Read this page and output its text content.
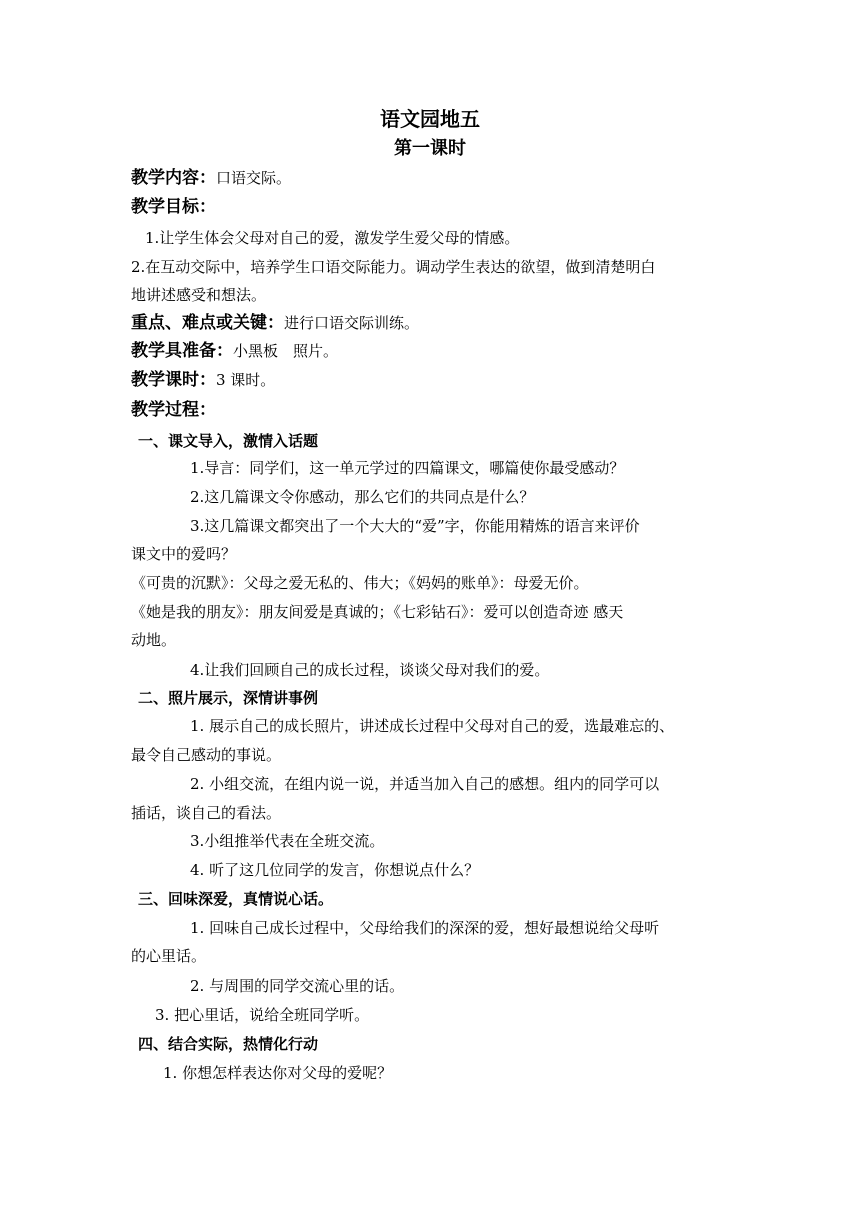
语文园地五
第一课时
教学内容：口语交际。
教学目标：
1.让学生体会父母对自己的爱，激发学生爱父母的情感。
2.在互动交际中，培养学生口语交际能力。调动学生表达的欲望，做到清楚明白
地讲述感受和想法。
重点、难点或关键：进行口语交际训练。
教学具准备：小黑板　照片。
教学课时：3 课时。
教学过程：
一、课文导入，激情入话题
1.导言：同学们，这一单元学过的四篇课文，哪篇使你最受感动？
2.这几篇课文令你感动，那么它们的共同点是什么？
3.这几篇课文都突出了一个大大的“爱”字，你能用精炼的语言来评价
课文中的爱吗？
《可贵的沉默》：父母之爱无私的、伟大；《妈妈的账单》：母爱无价。
《她是我的朋友》：朋友间爱是真诚的；《七彩钻石》：爱可以创造奇迹 感天
动地。
4.让我们回顾自己的成长过程，谈谈父母对我们的爱。
二、照片展示，深情讲事例
1. 展示自己的成长照片，讲述成长过程中父母对自己的爱，选最难忘的、
最令自己感动的事说。
2. 小组交流，在组内说一说，并适当加入自己的感想。组内的同学可以
插话，谈自己的看法。
3.小组推举代表在全班交流。
4. 听了这几位同学的发言，你想说点什么？
三、回味深爱，真情说心话。
1. 回味自己成长过程中，父母给我们的深深的爱，想好最想说给父母听
的心里话。
2. 与周围的同学交流心里的话。
3. 把心里话，说给全班同学听。
四、结合实际，热情化行动
1. 你想怎样表达你对父母的爱呢？
